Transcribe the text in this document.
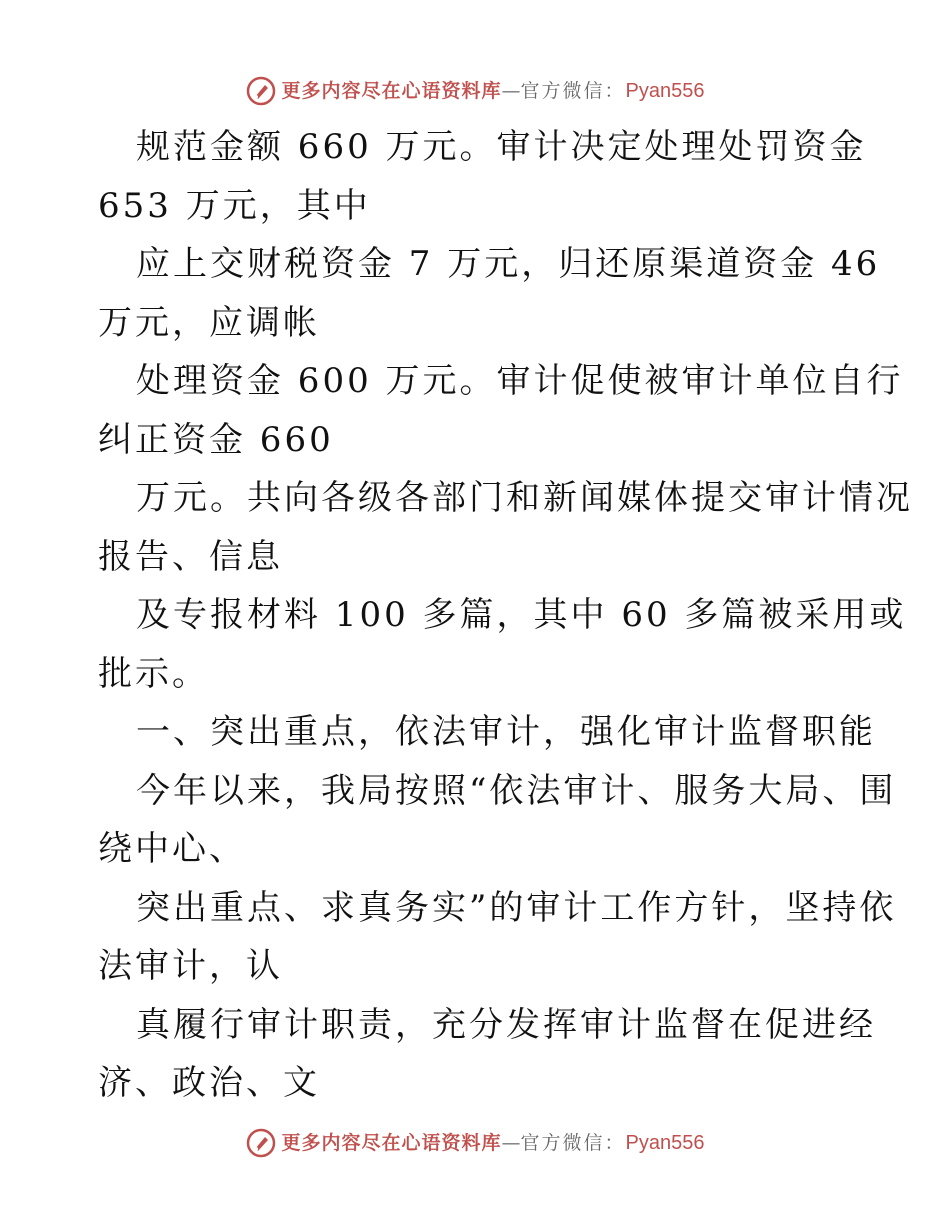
更多内容尽在心语资料库 — 官方微信： Pyan556
规范金额 660 万元。审计决定处理处罚资金
653 万元，其中
应上交财税资金 7 万元，归还原渠道资金 46
万元，应调帐
处理资金 600 万元。审计促使被审计单位自行
纠正资金 660
万元。共向各级各部门和新闻媒体提交审计情况
报告、信息
及专报材料 100 多篇，其中 60 多篇被采用或
批示。
一、突出重点，依法审计，强化审计监督职能
今年以来，我局按照“依法审计、服务大局、围
绕中心、
突出重点、求真务实”的审计工作方针，坚持依
法审计，认
真履行审计职责，充分发挥审计监督在促进经
济、政治、文
更多内容尽在心语资料库 — 官方微信： Pyan556
